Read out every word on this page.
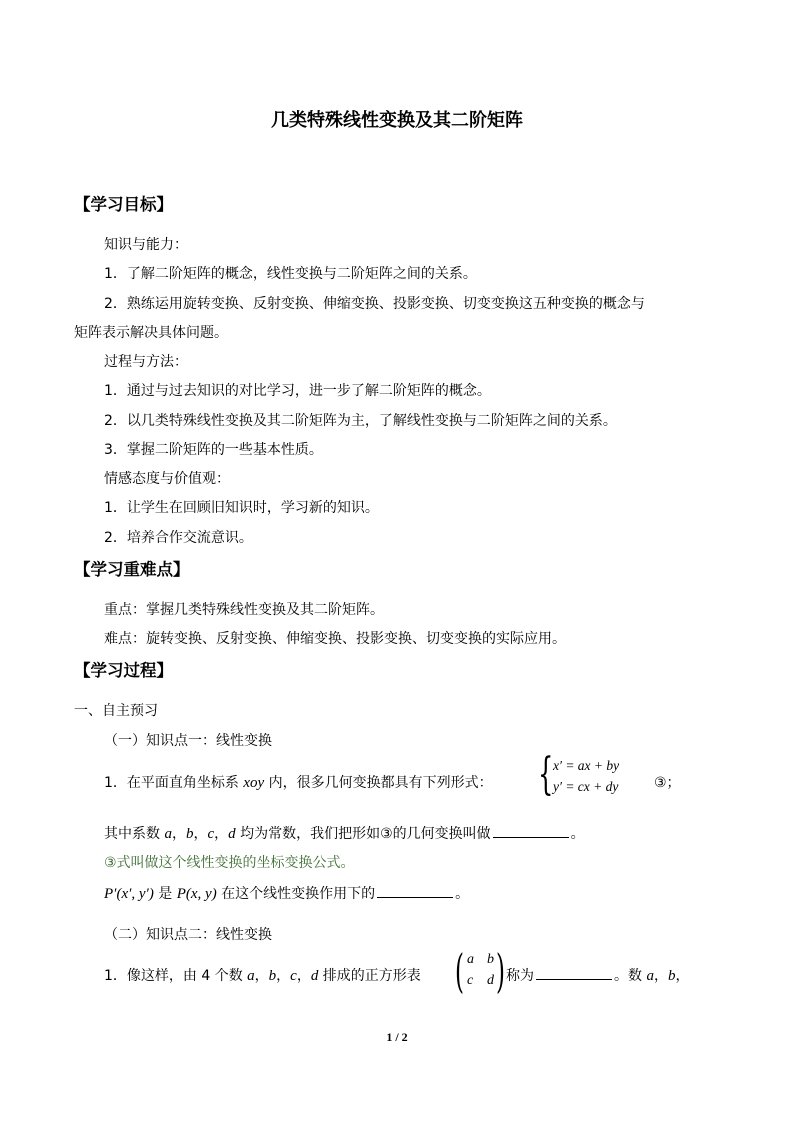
几类特殊线性变换及其二阶矩阵
【学习目标】
知识与能力：
1．了解二阶矩阵的概念，线性变换与二阶矩阵之间的关系。
2．熟练运用旋转变换、反射变换、伸缩变换、投影变换、切变变换这五种变换的概念与
矩阵表示解决具体问题。
过程与方法：
1．通过与过去知识的对比学习，进一步了解二阶矩阵的概念。
2．以几类特殊线性变换及其二阶矩阵为主，了解线性变换与二阶矩阵之间的关系。
3．掌握二阶矩阵的一些基本性质。
情感态度与价值观：
1．让学生在回顾旧知识时，学习新的知识。
2．培养合作交流意识。
【学习重难点】
重点：掌握几类特殊线性变换及其二阶矩阵。
难点：旋转变换、反射变换、伸缩变换、投影变换、切变变换的实际应用。
【学习过程】
一、自主预习
（一）知识点一：线性变换
1．在平面直角坐标系 xoy 内，很多几何变换都具有下列形式： { x′ = ax + by
y′ = cx + dy	③；
其中系数 a，b，c，d 均为常数，我们把形如③的几何变换叫做	。
③式叫做这个线性变换的坐标变换公式。
P′(x′, y′) 是 P(x, y) 在这个线性变换作用下的	。
（二）知识点二：线性变换
1．像这样，由 4 个数 a，b，c，d 排成的正方形表 ( a b
c d ) 称为	。数 a，b，
1 / 2
